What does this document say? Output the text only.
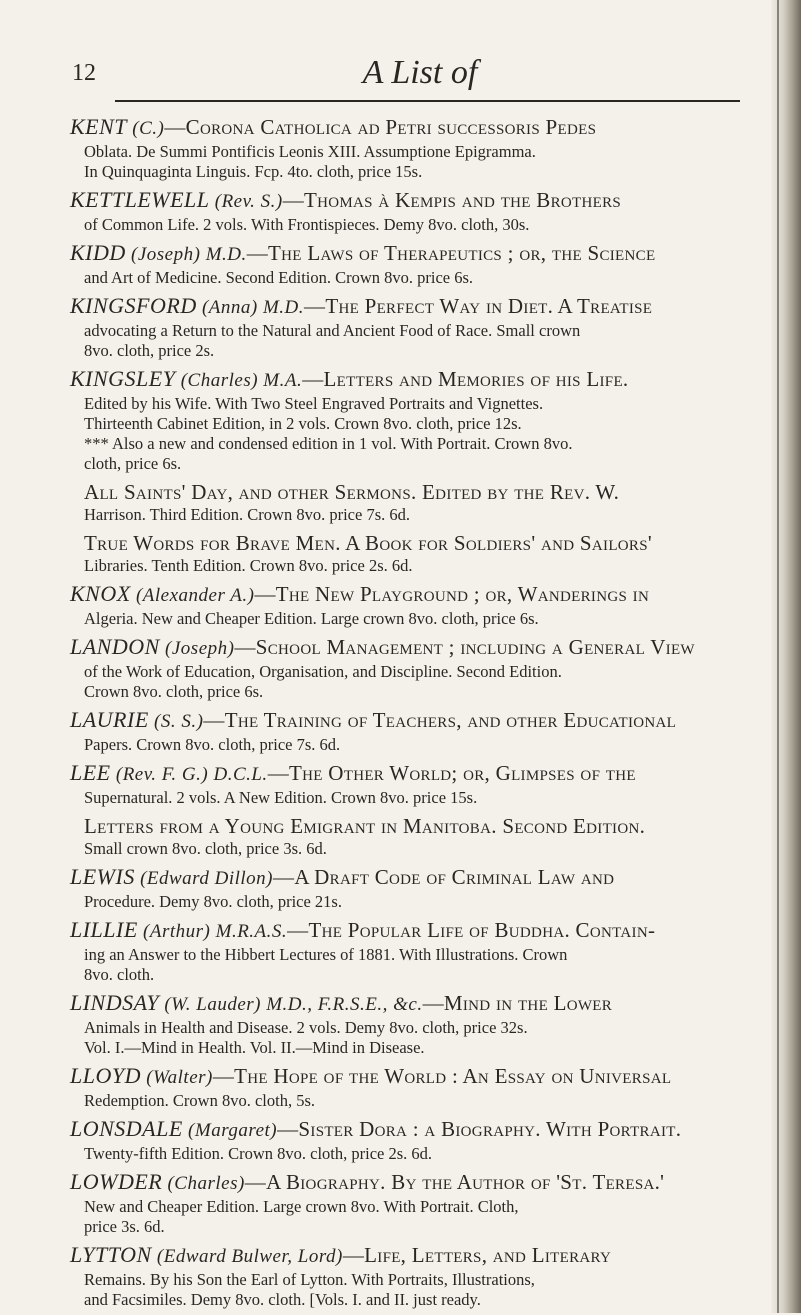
12	A List of
KENT (C.)—Corona Catholica ad Petri successoris Pedes
Oblata. De Summi Pontificis Leonis XIII. Assumptione Epigramma.
In Quinquaginta Linguis. Fcp. 4to. cloth, price 15s.
KETTLEWELL (Rev. S.)—Thomas à Kempis and the Brothers
of Common Life. 2 vols. With Frontispieces. Demy 8vo. cloth, 30s.
KIDD (Joseph) M.D.—The Laws of Therapeutics ; or, the Science
and Art of Medicine. Second Edition. Crown 8vo. price 6s.
KINGSFORD (Anna) M.D.—The Perfect Way in Diet. A Treatise
advocating a Return to the Natural and Ancient Food of Race. Small crown
8vo. cloth, price 2s.
KINGSLEY (Charles) M.A.—Letters and Memories of his Life.
Edited by his Wife. With Two Steel Engraved Portraits and Vignettes.
Thirteenth Cabinet Edition, in 2 vols. Crown 8vo. cloth, price 12s.
*** Also a new and condensed edition in 1 vol. With Portrait. Crown 8vo.
cloth, price 6s.
All Saints' Day, and other Sermons. Edited by the Rev. W.
Harrison. Third Edition. Crown 8vo. price 7s. 6d.
True Words for Brave Men. A Book for Soldiers' and Sailors'
Libraries. Tenth Edition. Crown 8vo. price 2s. 6d.
KNOX (Alexander A.)—The New Playground ; or, Wanderings in
Algeria. New and Cheaper Edition. Large crown 8vo. cloth, price 6s.
LANDON (Joseph)—School Management ; including a General View
of the Work of Education, Organisation, and Discipline. Second Edition.
Crown 8vo. cloth, price 6s.
LAURIE (S. S.)—The Training of Teachers, and other Educational
Papers. Crown 8vo. cloth, price 7s. 6d.
LEE (Rev. F. G.) D.C.L.—The Other World; or, Glimpses of the
Supernatural. 2 vols. A New Edition. Crown 8vo. price 15s.
Letters from a Young Emigrant in Manitoba. Second Edition.
Small crown 8vo. cloth, price 3s. 6d.
LEWIS (Edward Dillon)—A Draft Code of Criminal Law and
Procedure. Demy 8vo. cloth, price 21s.
LILLIE (Arthur) M.R.A.S.—The Popular Life of Buddha. Contain-
ing an Answer to the Hibbert Lectures of 1881. With Illustrations. Crown
8vo. cloth.
LINDSAY (W. Lauder) M.D., F.R.S.E., &c.—Mind in the Lower
Animals in Health and Disease. 2 vols. Demy 8vo. cloth, price 32s.
Vol. I.—Mind in Health. Vol. II.—Mind in Disease.
LLOYD (Walter)—The Hope of the World : An Essay on Universal
Redemption. Crown 8vo. cloth, 5s.
LONSDALE (Margaret)—Sister Dora : a Biography. With Portrait.
Twenty-fifth Edition. Crown 8vo. cloth, price 2s. 6d.
LOWDER (Charles)—A Biography. By the Author of 'St. Teresa.'
New and Cheaper Edition. Large crown 8vo. With Portrait. Cloth,
price 3s. 6d.
LYTTON (Edward Bulwer, Lord)—Life, Letters, and Literary
Remains. By his Son the Earl of Lytton. With Portraits, Illustrations,
and Facsimiles. Demy 8vo. cloth. [Vols. I. and II. just ready.
